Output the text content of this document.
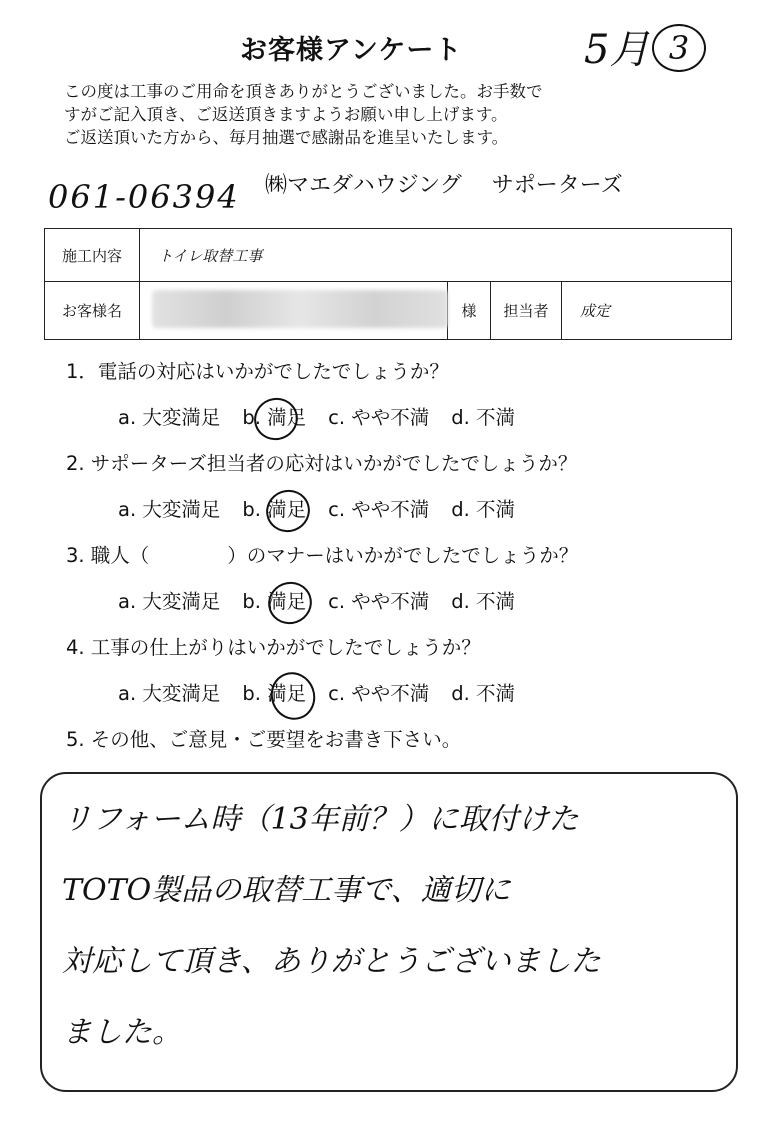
お客様アンケート	5月 3
この度は工事のご用命を頂きありがとうございました。お手数で
すがご記入頂き、ご返送頂きますようお願い申し上げます。
ご返送頂いた方から、毎月抽選で感謝品を進呈いたします。
061-06394	㈱マエダハウジング サポーターズ
施工内容	トイレ取替工事			
お客様名		様	担当者	成定
1．電話の対応はいかがでしたでしょうか？
a. 大変満足 b. 満足 c. やや不満 d. 不満
2. サポーターズ担当者の応対はいかがでしたでしょうか？
a. 大変満足 b. 満足 c. やや不満 d. 不満
3. 職人（　　　　）のマナーはいかがでしたでしょうか？
a. 大変満足 b. 満足 c. やや不満 d. 不満
4. 工事の仕上がりはいかがでしたでしょうか？
a. 大変満足 b. 満足 c. やや不満 d. 不満
5. その他、ご意見・ご要望をお書き下さい。
リフォーム時（13年前？）に取付けた
TOTO製品の取替工事で、適切に
対応して頂き、ありがとうございました
ました。
